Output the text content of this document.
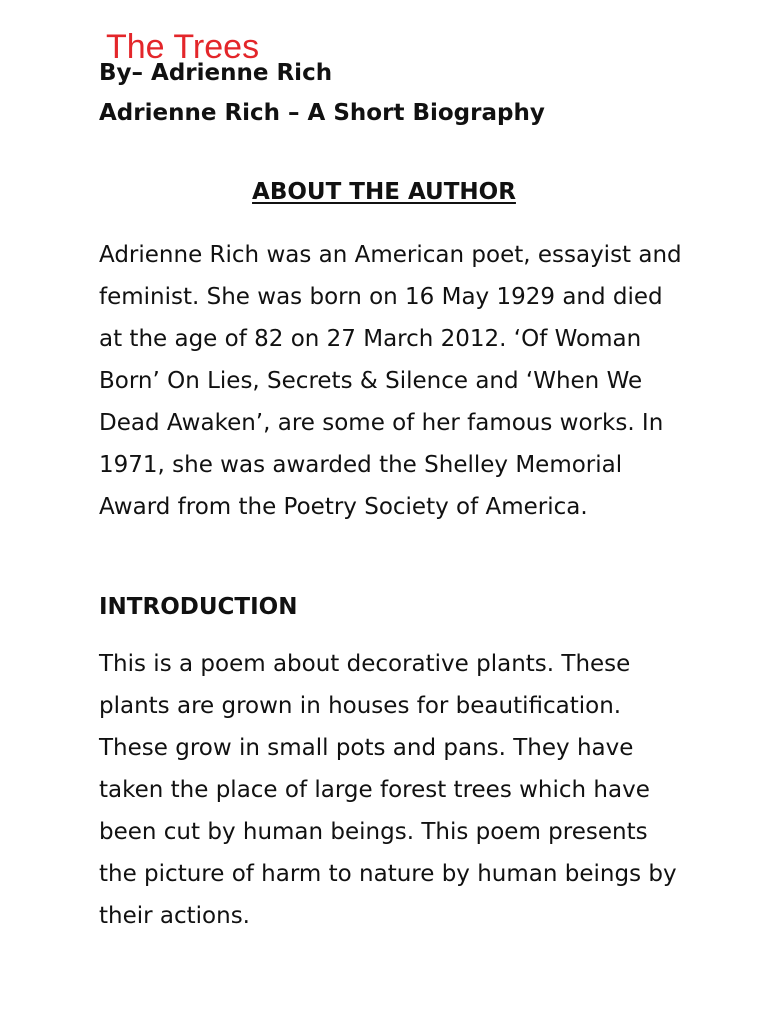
The Trees
By– Adrienne Rich
Adrienne Rich – A Short Biography
ABOUT THE AUTHOR

Adrienne Rich was an American poet, essayist and feminist. She was born on 16 May 1929 and died at the age of 82 on 27 March 2012. ‘Of Woman Born’ On Lies, Secrets & Silence and ‘When We Dead Awaken’, are some of her famous works. In 1971, she was awarded the Shelley Memorial Award from the Poetry Society of America.

INTRODUCTION

This is a poem about decorative plants. These plants are grown in houses for beautification. These grow in small pots and pans. They have taken the place of large forest trees which have been cut by human beings. This poem presents the picture of harm to nature by human beings by their actions.
